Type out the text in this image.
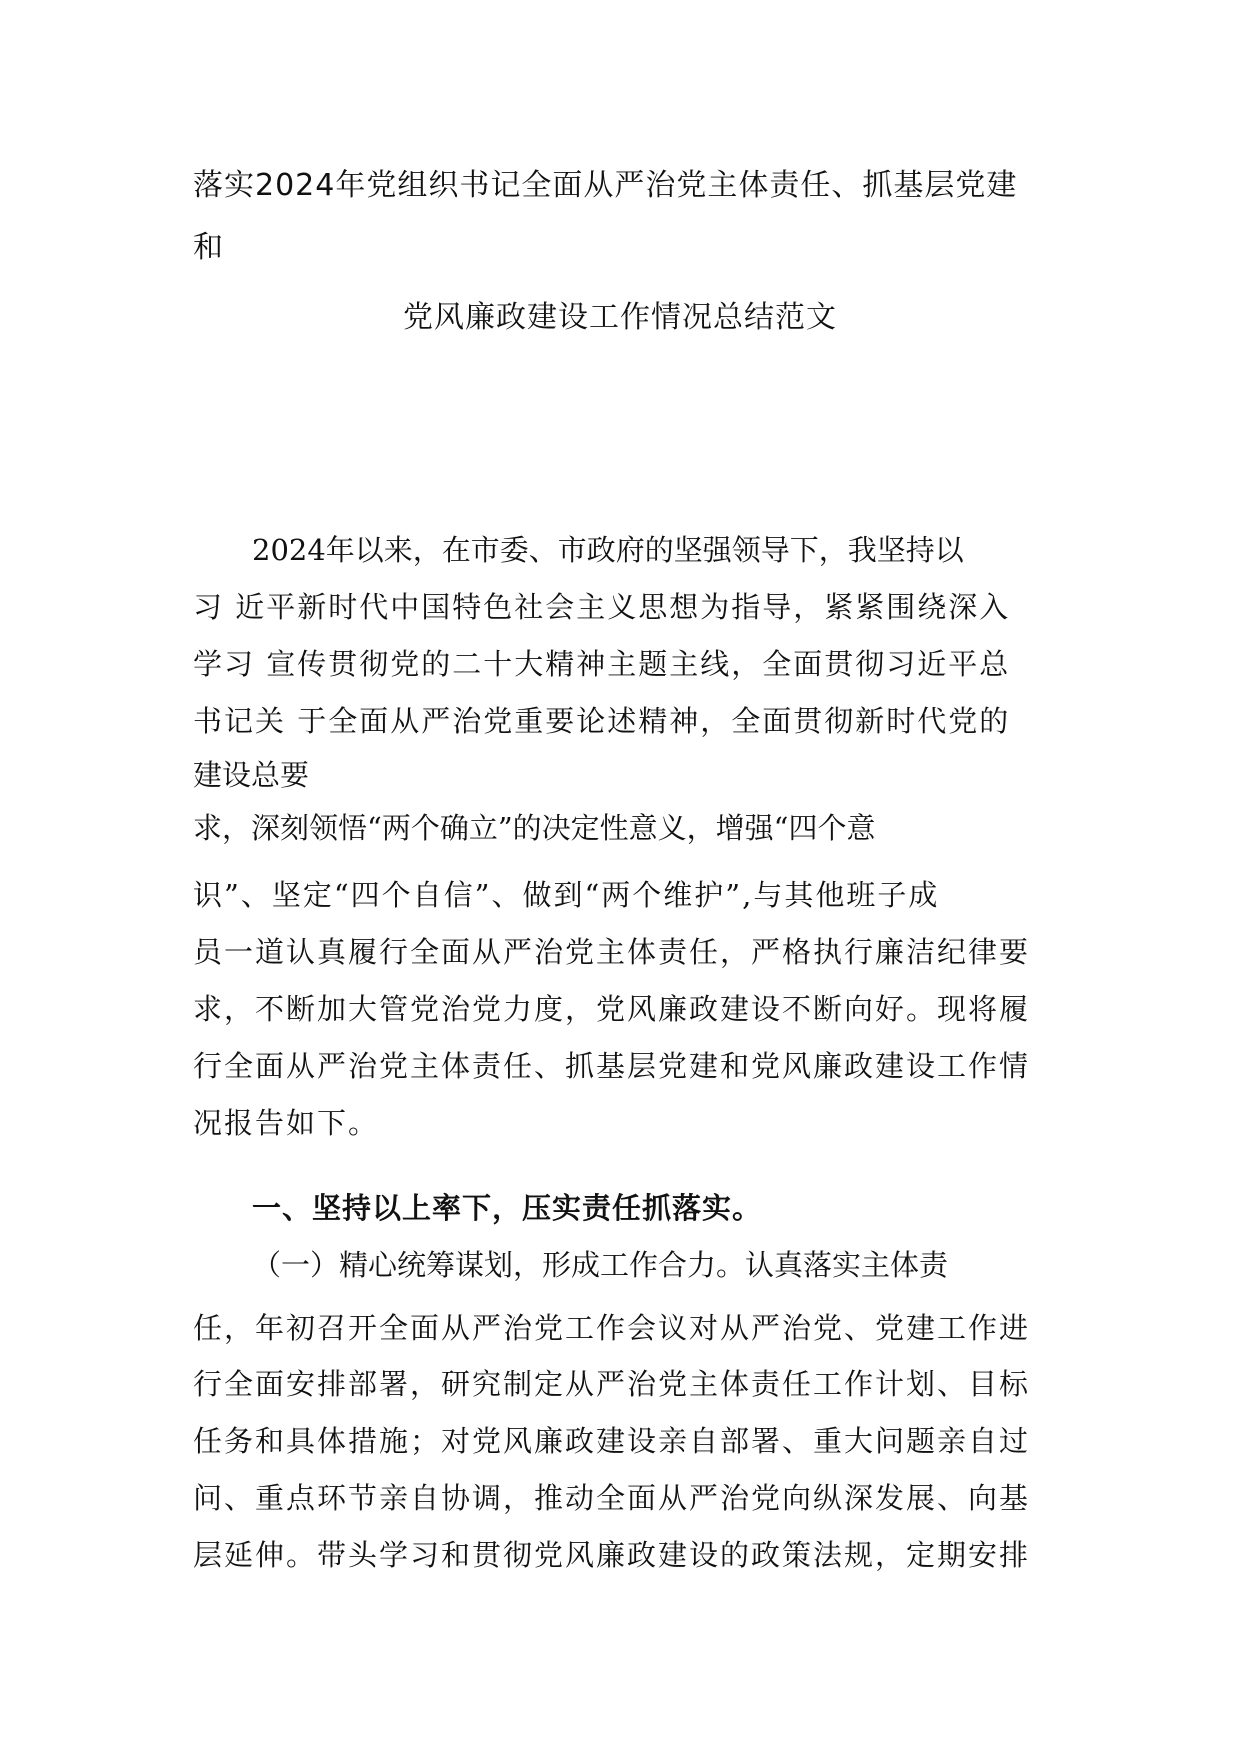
落实2024年党组织书记全面从严治党主体责任、抓基层党建
和
党风廉政建设工作情况总结范文
2024年以来，在市委、市政府的坚强领导下，我坚持以
习 近平新时代中国特色社会主义思想为指导，紧紧围绕深入
学习 宣传贯彻党的二十大精神主题主线，全面贯彻习近平总
书记关 于全面从严治党重要论述精神，全面贯彻新时代党的
建设总要
求，深刻领悟“两个确立”的决定性意义，增强“四个意
识”、坚定“四个自信”、做到“两个维护”,与其他班子成
员一道认真履行全面从严治党主体责任，严格执行廉洁纪律要
求，不断加大管党治党力度，党风廉政建设不断向好。现将履
行全面从严治党主体责任、抓基层党建和党风廉政建设工作情
况报告如下。
一、坚持以上率下，压实责任抓落实。
（一）精心统筹谋划，形成工作合力。认真落实主体责
任，年初召开全面从严治党工作会议对从严治党、党建工作进
行全面安排部署，研究制定从严治党主体责任工作计划、目标
任务和具体措施；对党风廉政建设亲自部署、重大问题亲自过
问、重点环节亲自协调，推动全面从严治党向纵深发展、向基
层延伸。带头学习和贯彻党风廉政建设的政策法规，定期安排
